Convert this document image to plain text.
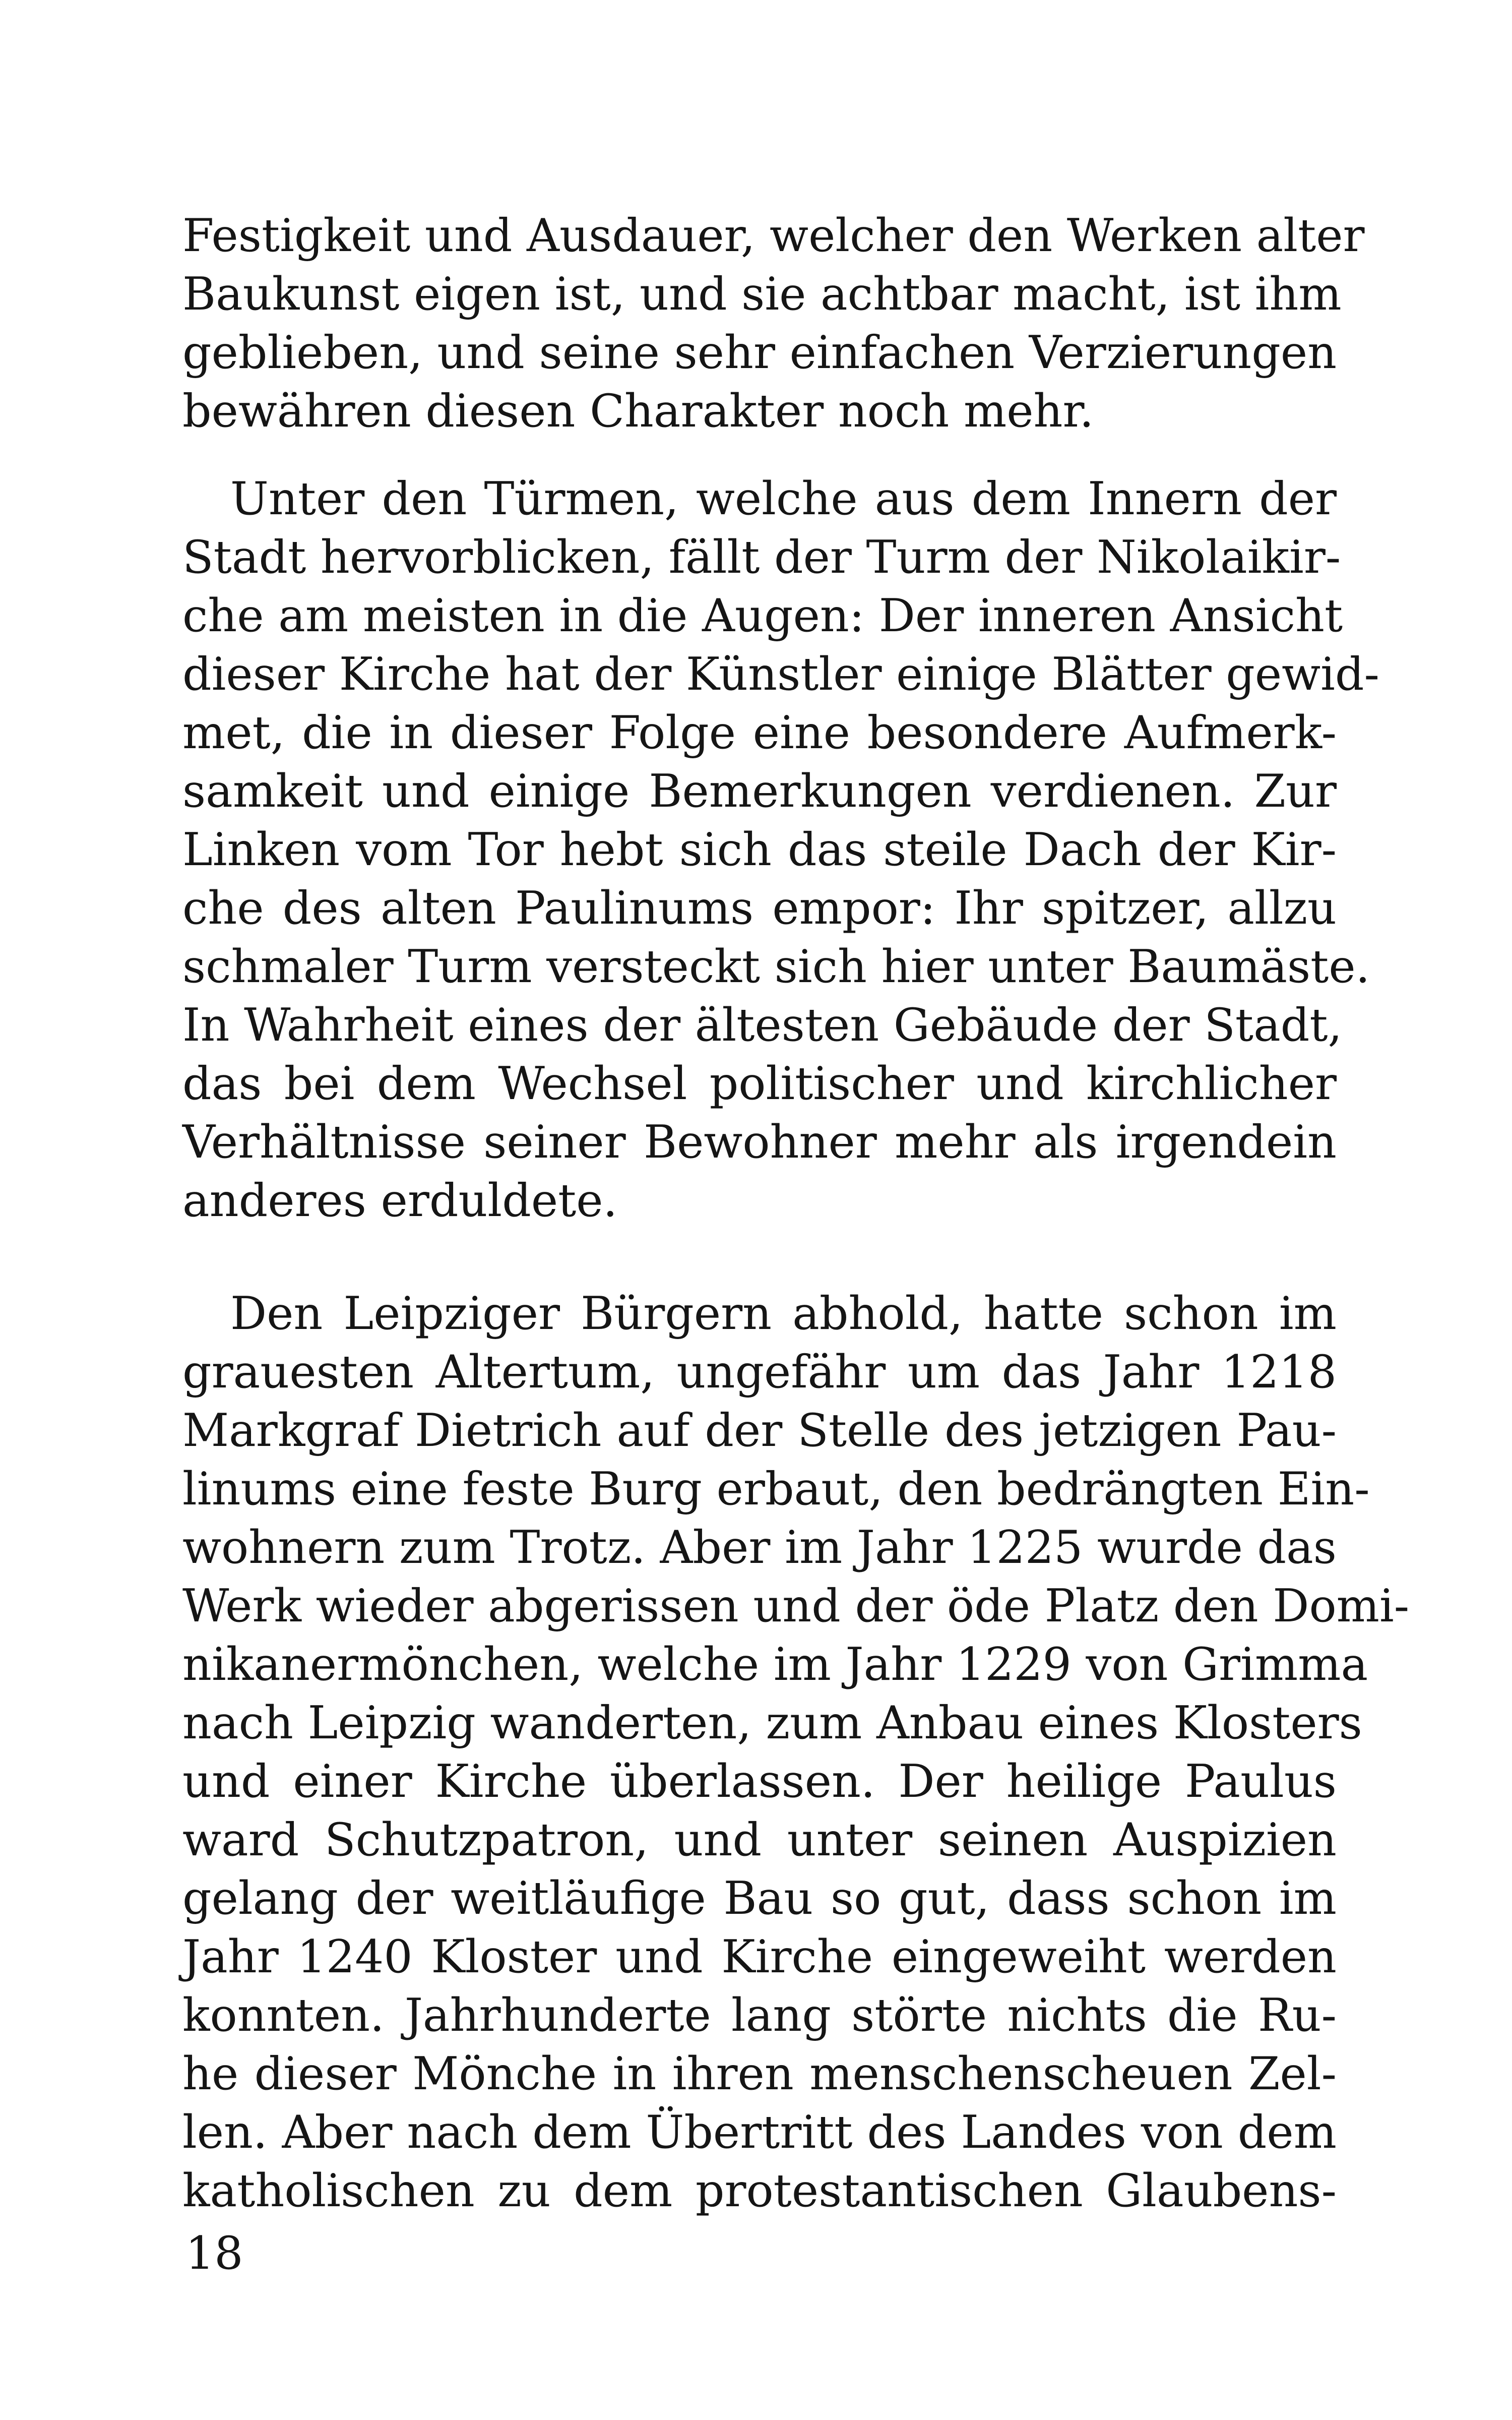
Festigkeit und Ausdauer, welcher den Werken alter
Baukunst eigen ist, und sie achtbar macht, ist ihm
geblieben, und seine sehr einfachen Verzierungen
bewähren diesen Charakter noch mehr.
Unter den Türmen, welche aus dem Innern der
Stadt hervorblicken, fällt der Turm der Nikolaikir-
che am meisten in die Augen: Der inneren Ansicht
dieser Kirche hat der Künstler einige Blätter gewid-
met, die in dieser Folge eine besondere Aufmerk-
samkeit und einige Bemerkungen verdienen. Zur
Linken vom Tor hebt sich das steile Dach der Kir-
che des alten Paulinums empor: Ihr spitzer, allzu
schmaler Turm versteckt sich hier unter Baumäste.
In Wahrheit eines der ältesten Gebäude der Stadt,
das bei dem Wechsel politischer und kirchlicher
Verhältnisse seiner Bewohner mehr als irgendein
anderes erduldete.
Den Leipziger Bürgern abhold, hatte schon im
grauesten Altertum, ungefähr um das Jahr 1218
Markgraf Dietrich auf der Stelle des jetzigen Pau-
linums eine feste Burg erbaut, den bedrängten Ein-
wohnern zum Trotz. Aber im Jahr 1225 wurde das
Werk wieder abgerissen und der öde Platz den Domi-
nikanermönchen, welche im Jahr 1229 von Grimma
nach Leipzig wanderten, zum Anbau eines Klosters
und einer Kirche überlassen. Der heilige Paulus
ward Schutzpatron, und unter seinen Auspizien
gelang der weitläufige Bau so gut, dass schon im
Jahr 1240 Kloster und Kirche eingeweiht werden
konnten. Jahrhunderte lang störte nichts die Ru-
he dieser Mönche in ihren menschenscheuen Zel-
len. Aber nach dem Übertritt des Landes von dem
katholischen zu dem protestantischen Glaubens-
18
